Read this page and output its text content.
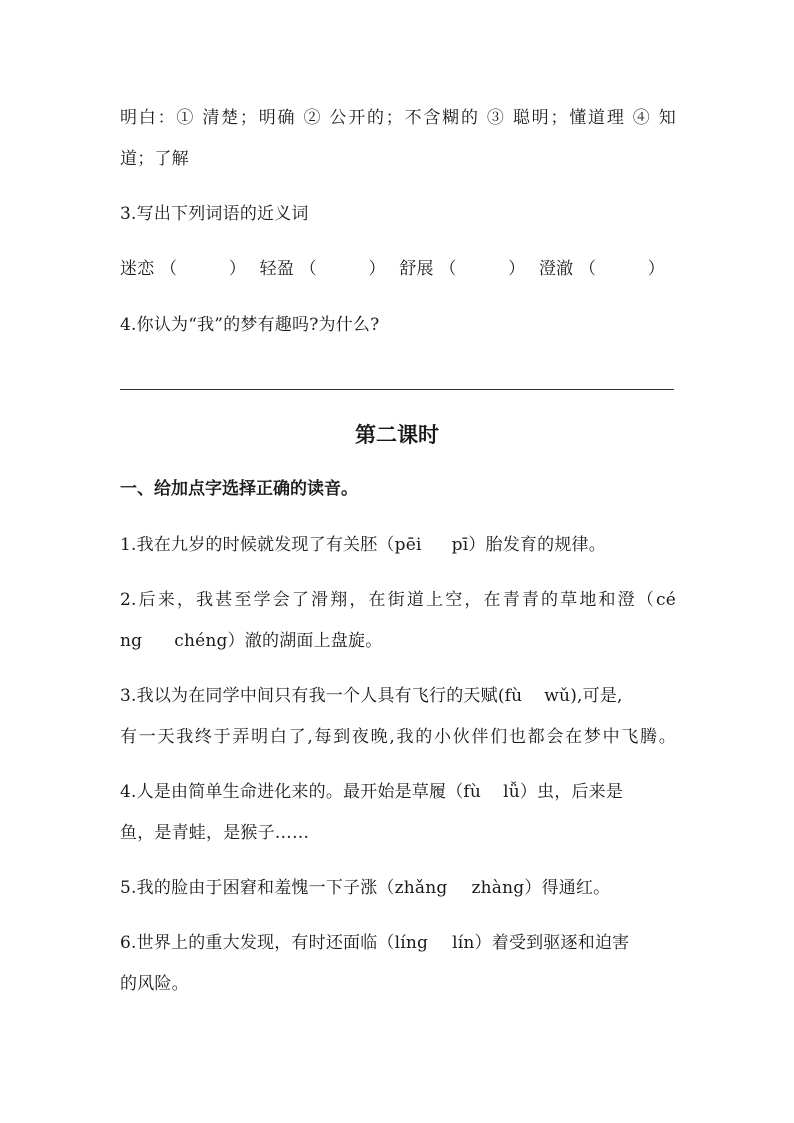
明白：① 清楚；明确 ② 公开的；不含糊的 ③ 聪明；懂道理 ④ 知
道；了解
3.写出下列词语的近义词
迷恋 （　　　） 轻盈 （　　　） 舒展 （　　　） 澄澈 （　　　）
4.你认为“我”的梦有趣吗?为什么?
第二课时
一、给加点字选择正确的读音。
1.我在九岁的时候就发现了有关胚（pēi pī）胎发育的规律。
2.后来，我甚至学会了滑翔，在街道上空，在青青的草地和澄（cé
ng chéng）澈的湖面上盘旋。
3.我以为在同学中间只有我一个人具有飞行的天赋(fù wǔ),可是,
有一天我终于弄明白了,每到夜晚,我的小伙伴们也都会在梦中飞腾。
4.人是由简单生命进化来的。最开始是草履（fù lǚ）虫，后来是
鱼，是青蛙，是猴子……
5.我的脸由于困窘和羞愧一下子涨（zhǎng zhàng）得通红。
6.世界上的重大发现，有时还面临（líng lín）着受到驱逐和迫害
的风险。
